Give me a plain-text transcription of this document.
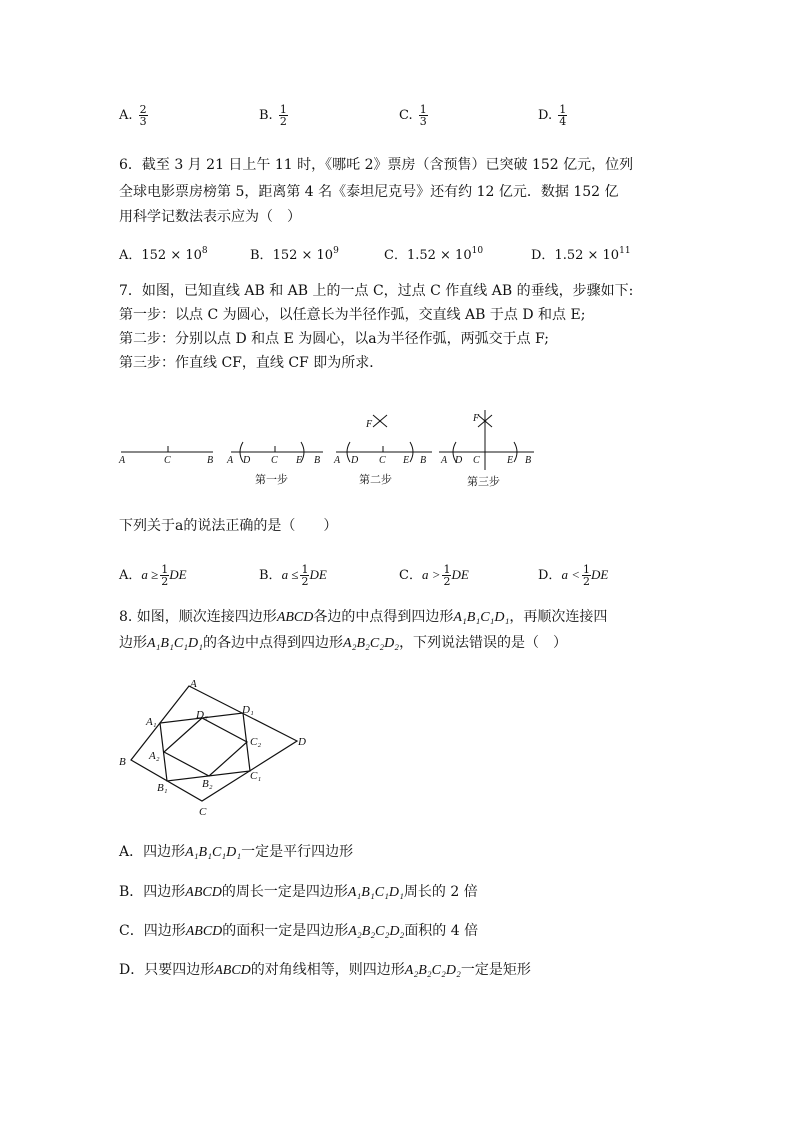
A. $\frac{2}{3}$	B. $\frac{1}{2}$	C. $\frac{1}{3}$	D. $\frac{1}{4}$
6．截至 3 月 21 日上午 11 时，《哪吒 2》票房（含预售）已突破 152 亿元，位列
全球电影票房榜第 5，距离第 4 名《泰坦尼克号》还有约 12 亿元．数据 152 亿
用科学记数法表示应为（　）
A．$152 \times 10^8$	B．$152 \times 10^9$	C．$1.52 \times 10^{10}$	D．$1.52 \times 10^{11}$
7．如图，已知直线 AB 和 AB 上的一点 C，过点 C 作直线 AB 的垂线，步骤如下:
第一步：以点 C 为圆心，以任意长为半径作弧，交直线 AB 于点 D 和点 E;
第二步：分别以点 D 和点 E 为圆心，以a为半径作弧，两弧交于点 F;
第三步：作直线 CF，直线 CF 即为所求．
A	C	B A D C E B A D C E B
F
A D C	E B
F
第一步	第二步	第三步
下列关于a的说法正确的是（　　）
A．$a \ge \frac{1}{2}$ DE	B．$a \le \frac{1}{2}$ DE	C．$a > \frac{1}{2}$ DE	D．$a < \frac{1}{2}$ DE
8. 如图，顺次连接四边形ABCD各边的中点得到四边形A₁B₁C₁D₁，再顺次连接四
边形A₁B₁C₁D₁的各边中点得到四边形A₂B₂C₂D₂，下列说法错误的是（　）
A
D
C
B
A₁
D₁
C₁
B₁
A₂
D₂
C₂
B₂
A．四边形A₁B₁C₁D₁一定是平行四边形
B．四边形ABCD的周长一定是四边形A₁B₁C₁D₁周长的 2 倍
C．四边形ABCD的面积一定是四边形A₂B₂C₂D₂面积的 4 倍
D．只要四边形ABCD的对角线相等，则四边形A₂B₂C₂D₂一定是矩形
